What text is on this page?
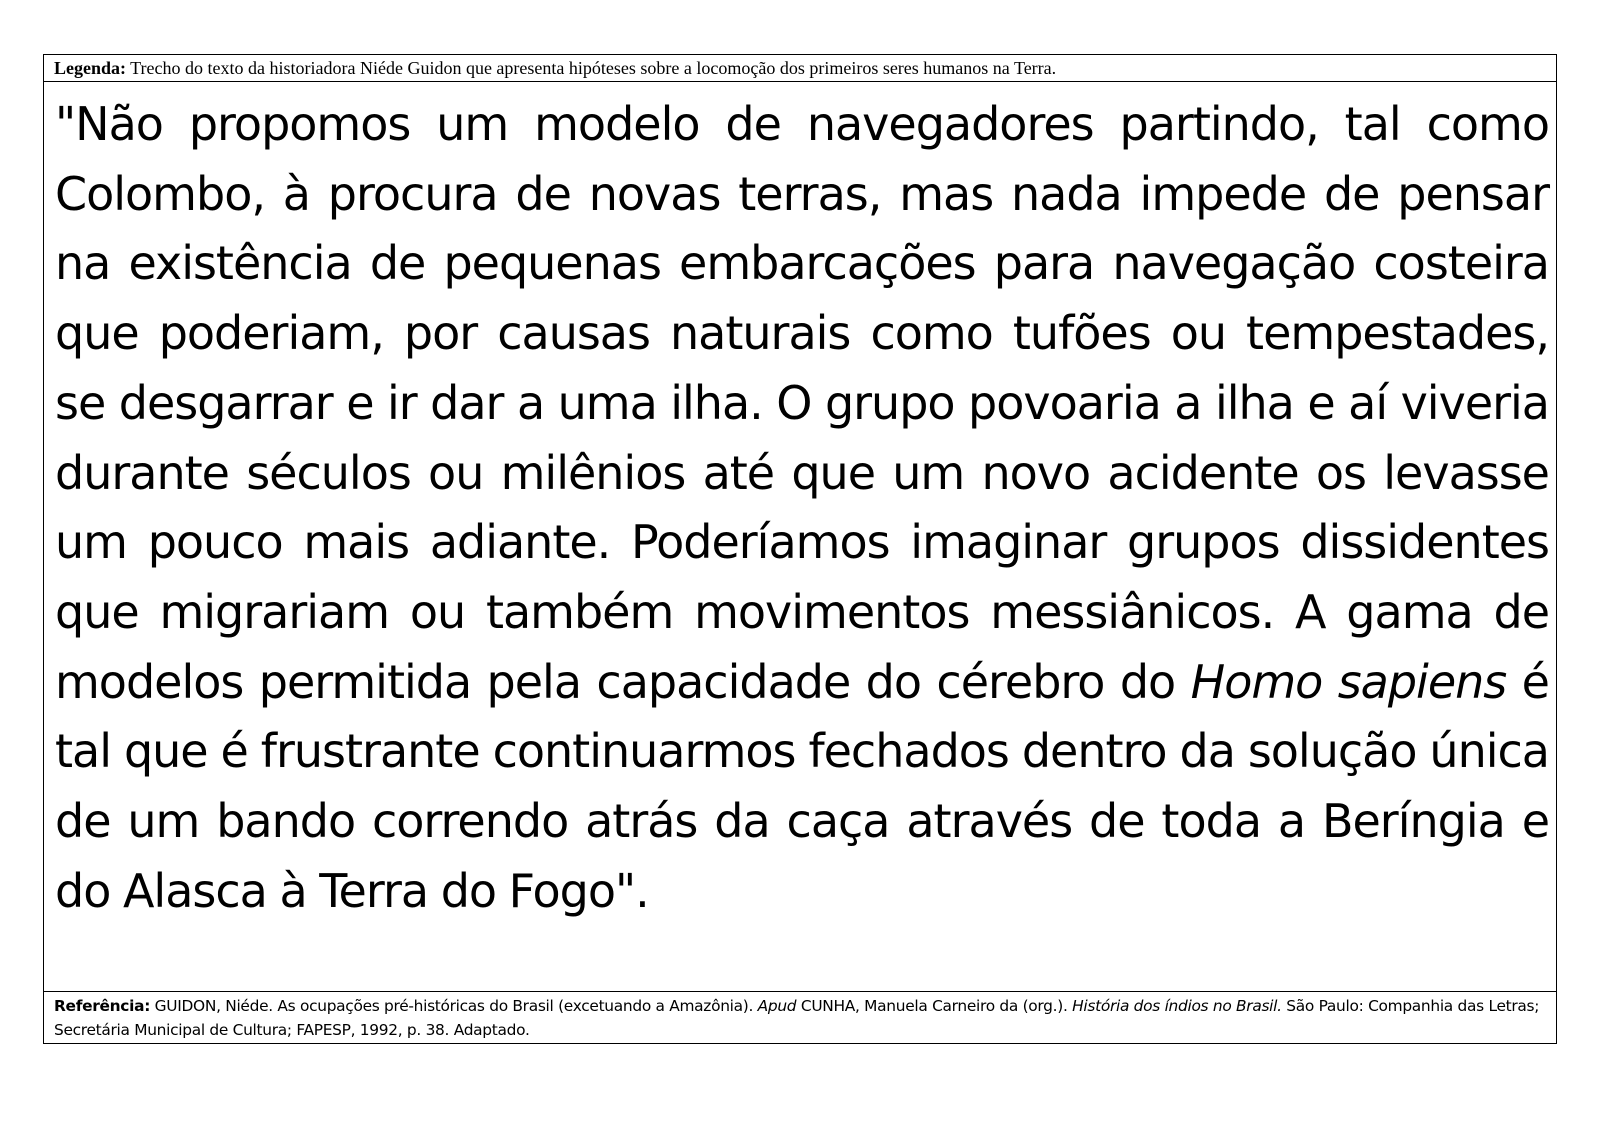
Legenda: Trecho do texto da historiadora Niéde Guidon que apresenta hipóteses sobre a locomoção dos primeiros seres humanos na Terra.

"Não propomos um modelo de navegadores partindo, tal como Colombo, à procura de novas terras, mas nada impede de pensar na existência de pequenas embarcações para navegação costeira que poderiam, por causas naturais como tufões ou tempestades, se desgarrar e ir dar a uma ilha. O grupo povoaria a ilha e aí viveria durante séculos ou milênios até que um novo acidente os levasse um pouco mais adiante. Poderíamos imaginar grupos dissidentes que migrariam ou também movimentos messiânicos. A gama de modelos permitida pela capacidade do cérebro do Homo sapiens é tal que é frustrante continuarmos fechados dentro da solução única de um bando correndo atrás da caça através de toda a Beríngia e do Alasca à Terra do Fogo".

Referência: GUIDON, Niéde. As ocupações pré-históricas do Brasil (excetuando a Amazônia). Apud CUNHA, Manuela Carneiro da (org.). História dos índios no Brasil. São Paulo: Companhia das Letras; Secretária Municipal de Cultura; FAPESP, 1992, p. 38. Adaptado.
